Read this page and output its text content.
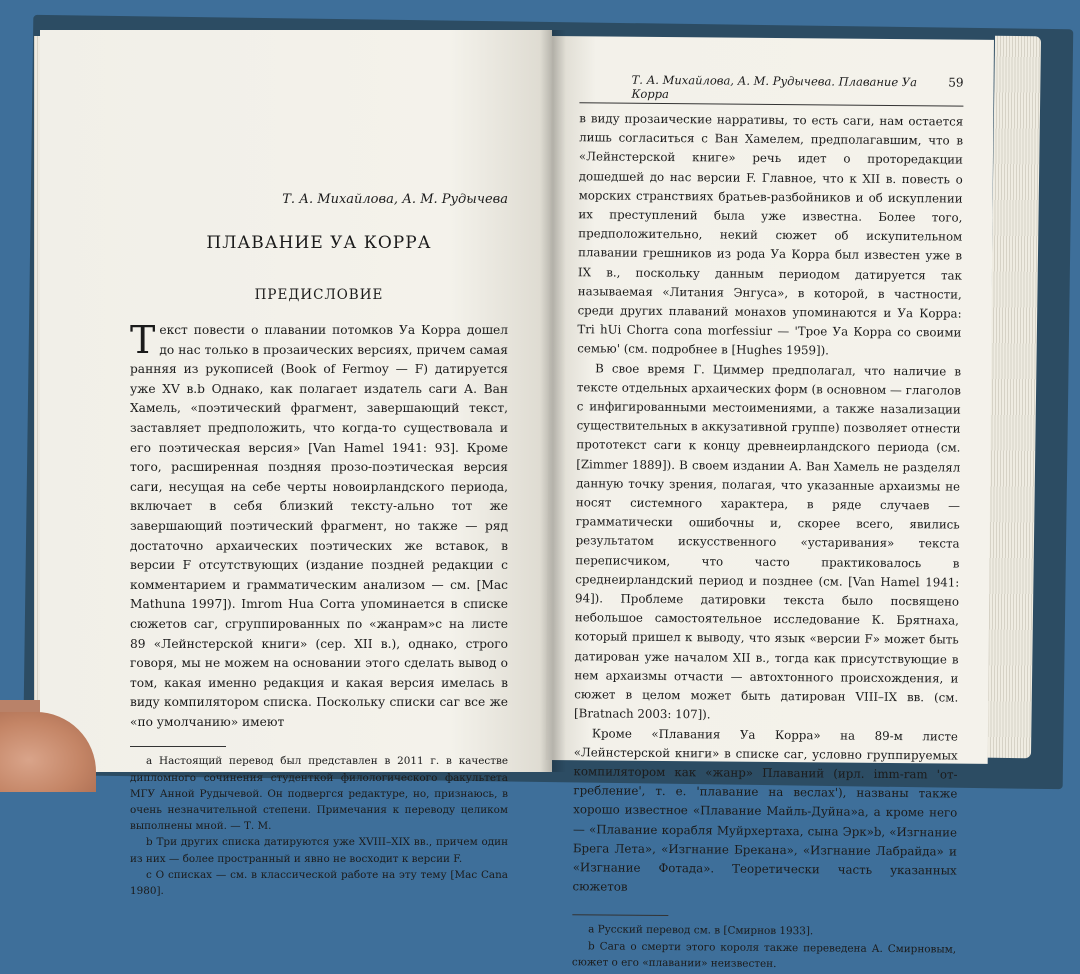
Т. А. Михайлова, А. М. Рудычева

ПЛАВАНИЕ УА КОРРА
ПРЕДИСЛОВИЕ

Текст повести о плавании потомков Уа Коррa дошел до нас только в прозаических версиях, причем самая ранняя из рукописей (Book of Fermoy — F) датируется уже XV в.b Однако, как полагает издатель саги А. Ван Хамель, «поэтический фрагмент, завершающий текст, заставляет предположить, что когда-то существовала и его поэтическая версия» [Van Hamel 1941: 93]. Кроме того, расширенная поздняя прозо-поэтическая версия саги, несущая на себе черты новоирландского периода, включает в себя близкий тексту-ально тот же завершающий поэтический фрагмент, но также — ряд достаточно архаических поэтических же вставок, в версии F отсутствующих (издание поздней редакции с комментарием и грамматическим анализом — см. [Mac Mathuna 1997]). Imrom Hua Corra упоминается в списке сюжетов саг, сгруппированных по «жанрам»c на листе 89 «Лейнстерской книги» (сер. XII в.), однако, строго говоря, мы не можем на основании этого сделать вывод о том, какая именно редакция и какая версия имелась в виду компилятором списка. Поскольку списки саг все же «по умолчанию» имеют

a Настоящий перевод был представлен в 2011 г. в качестве дипломного сочинения студенткой филологического факультета МГУ Анной Рудычевой. Он подвергся редактуре, но, признаюсь, в очень незначительной степени. Примечания к переводу целиком выполнены мной. — Т. М.

b Три других списка датируются уже XVIII–XIX вв., причем один из них — более пространный и явно не восходит к версии F.

c О списках — см. в классической работе на эту тему [Mac Cana 1980].

Т. А. Михайлова, А. М. Рудычева. Плавание Уа Корра
59

в виду прозаические нарративы, то есть саги, нам остается лишь согласиться с Ван Хамелем, предполагавшим, что в «Лейнстерской книге» речь идет о проторедакции дошедшей до нас версии F. Главное, что к XII в. повесть о морских странствиях братьев-разбойников и об искуплении их преступлений была уже известна. Более того, предположительно, некий сюжет об искупительном плавании грешников из рода Уа Корра был известен уже в IX в., поскольку данным периодом датируется так называемая «Литания Энгуса», в которой, в частности, среди других плаваний монахов упоминаются и Уа Корра: Tri hUi Chorra cona morfessiur — 'Трое Уа Корра со своими семью' (см. подробнее в [Hughes 1959]).

В свое время Г. Циммер предполагал, что наличие в тексте отдельных архаических форм (в основном — глаголов с инфигированными местоимениями, а также назализации существительных в аккузативной группе) позволяет отнести прототекст саги к концу древнеирландского периода (см. [Zimmer 1889]). В своем издании А. Ван Хамель не разделял данную точку зрения, полагая, что указанные архаизмы не носят системного характера, в ряде случаев — грамматически ошибочны и, скорее всего, явились результатом искусственного «устаривания» текста переписчиком, что часто практиковалось в среднеирландский период и позднее (см. [Van Hamel 1941: 94]). Проблеме датировки текста было посвящено небольшое самостоятельное исследование К. Брятнаха, который пришел к выводу, что язык «версии F» может быть датирован уже началом XII в., тогда как присутствующие в нем архаизмы отчасти — автохтонного происхождения, и сюжет в целом может быть датирован VIII–IX вв. (см. [Bratnach 2003: 107]).

Кроме «Плавания Уа Корра» на 89-м листе «Лейнстерской книги» в списке саг, условно группируемых компилятором как «жанр» Плаваний (ирл. imm-ram 'от-гребление', т. е. 'плавание на веслах'), названы также хорошо известное «Плавание Майль-Дуйна»a, а кроме него — «Плавание корабля Муйрхертаха, сына Эрк»b, «Изгнание Брега Лета», «Изгнание Брекана», «Изгнание Лабрайда» и «Изгнание Фотада». Теоретически часть указанных сюжетов

a Русский перевод см. в [Смирнов 1933].

b Сага о смерти этого короля также переведена А. Смирновым, сюжет о его «плавании» неизвестен.
